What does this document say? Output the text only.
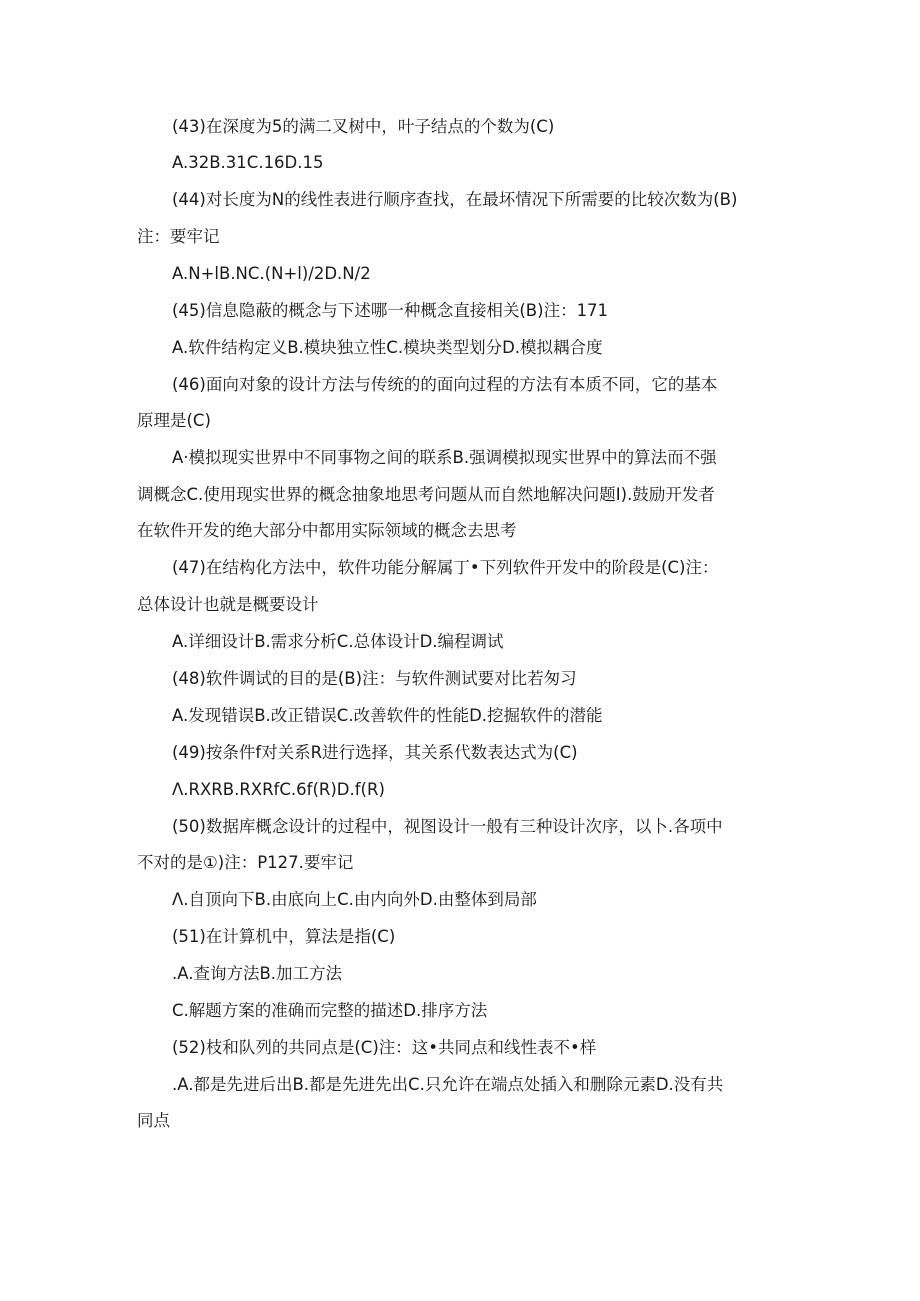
(43)在深度为5的满二叉树中，叶子结点的个数为(C)
A.32B.31C.16D.15
(44)对长度为N的线性表进行顺序查找，在最坏情况下所需要的比较次数为(B)
注：要牢记
A.N+lB.NC.(N+l)/2D.N/2
(45)信息隐蔽的概念与下述哪一种概念直接相关(B)注：171
A.软件结构定义B.模块独立性C.模块类型划分D.模拟耦合度
(46)面向对象的设计方法与传统的的面向过程的方法有本质不同，它的基本
原理是(C)
A·模拟现实世界中不同事物之间的联系B.强调模拟现实世界中的算法而不强
调概念C.使用现实世界的概念抽象地思考问题从而自然地解决问题I).鼓励开发者
在软件开发的绝大部分中都用实际领域的概念去思考
(47)在结构化方法中，软件功能分解属丁•下列软件开发中的阶段是(C)注：
总体设计也就是概要设计
A.详细设计B.需求分析C.总体设计D.编程调试
(48)软件调试的目的是(B)注：与软件测试要对比若匆习
A.发现错误B.改正错误C.改善软件的性能D.挖掘软件的潜能
(49)按条件f对关系R进行选择，其关系代数表达式为(C)
Λ.RXRB.RXRfC.6f(R)D.f(R)
(50)数据库概念设计的过程中，视图设计一般有三种设计次序，以卜.各项中
不对的是①)注：P127.要牢记
Λ.自顶向下B.由底向上C.由内向外D.由整体到局部
(51)在计算机中，算法是指(C)
.A.查询方法B.加工方法
C.解题方案的准确而完整的描述D.排序方法
(52)枝和队列的共同点是(C)注：这•共同点和线性表不•样
.A.都是先进后出B.都是先进先出C.只允许在端点处插入和删除元素D.没有共
同点
